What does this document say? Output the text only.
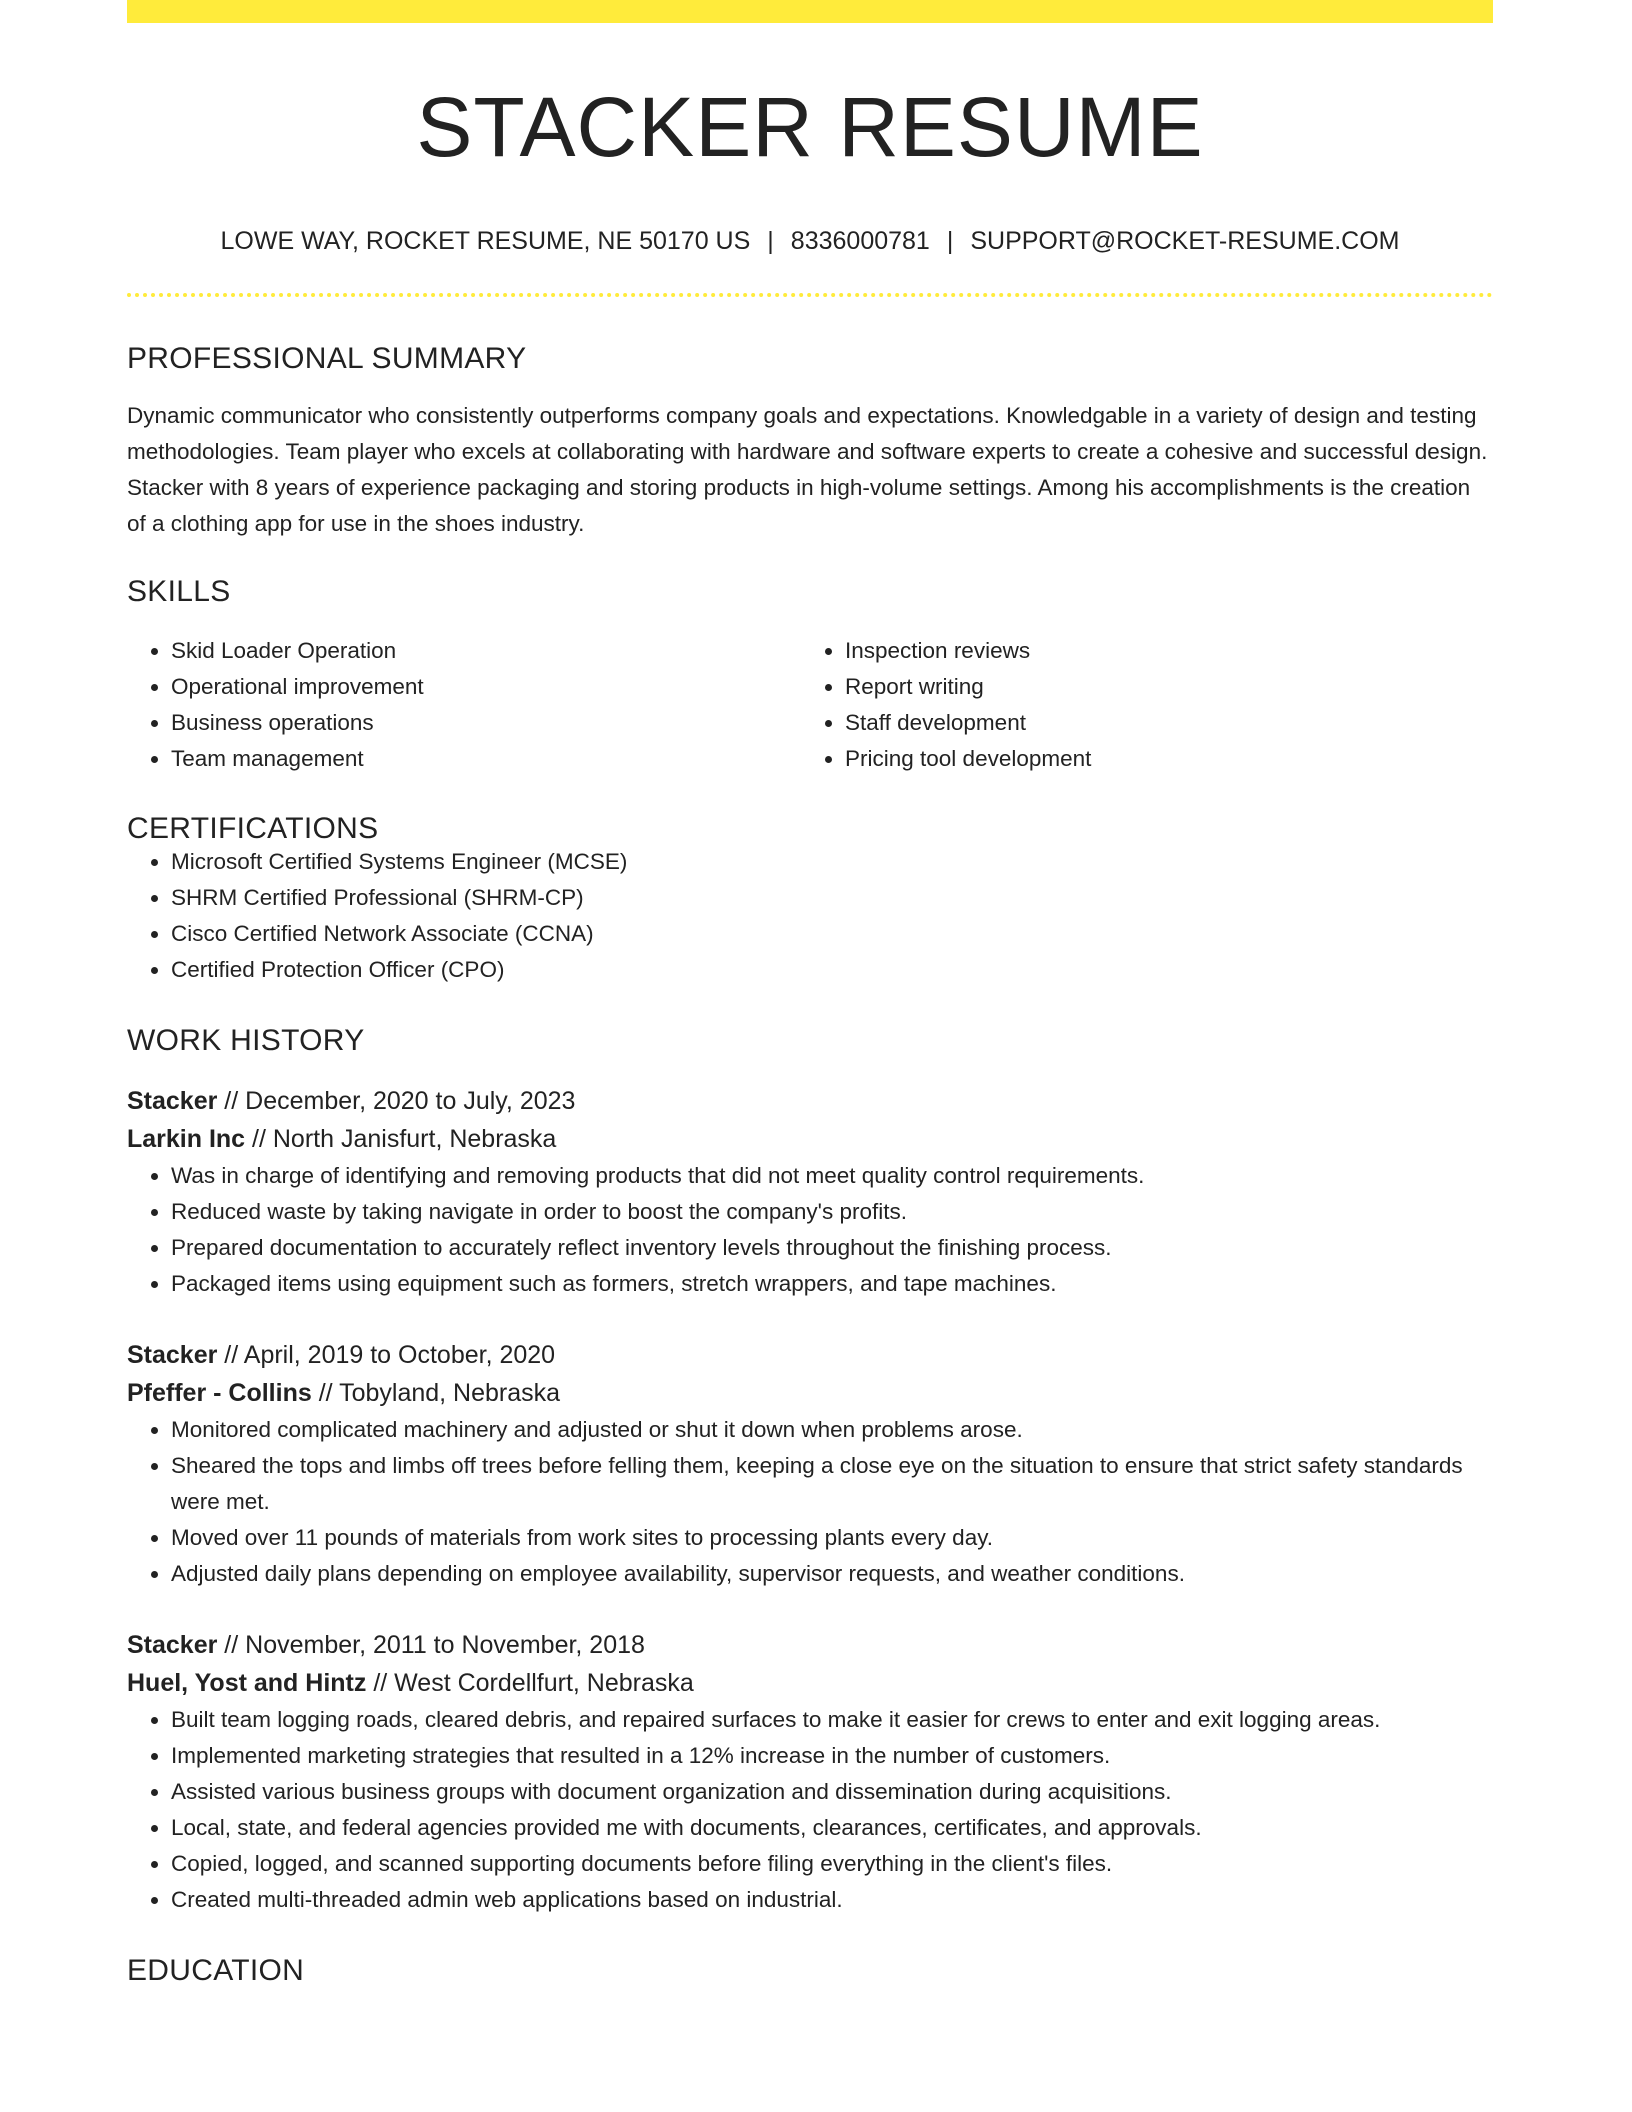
STACKER RESUME
LOWE WAY, ROCKET RESUME, NE 50170 US | 8336000781 | SUPPORT@ROCKET-RESUME.COM
PROFESSIONAL SUMMARY

Dynamic communicator who consistently outperforms company goals and expectations. Knowledgable in a variety of design and testing methodologies. Team player who excels at collaborating with hardware and software experts to create a cohesive and successful design. Stacker with 8 years of experience packaging and storing products in high-volume settings. Among his accomplishments is the creation of a clothing app for use in the shoes industry.

SKILLS
• Skid Loader Operation
• Operational improvement
• Business operations
• Team management
• Inspection reviews
• Report writing
• Staff development
• Pricing tool development
CERTIFICATIONS
• Microsoft Certified Systems Engineer (MCSE)
• SHRM Certified Professional (SHRM-CP)
• Cisco Certified Network Associate (CCNA)
• Certified Protection Officer (CPO)
WORK HISTORY
Stacker // December, 2020 to July, 2023
Larkin Inc // North Janisfurt, Nebraska
• Was in charge of identifying and removing products that did not meet quality control requirements.
• Reduced waste by taking navigate in order to boost the company's profits.
• Prepared documentation to accurately reflect inventory levels throughout the finishing process.
• Packaged items using equipment such as formers, stretch wrappers, and tape machines.
Stacker // April, 2019 to October, 2020
Pfeffer - Collins // Tobyland, Nebraska
• Monitored complicated machinery and adjusted or shut it down when problems arose.
• Sheared the tops and limbs off trees before felling them, keeping a close eye on the situation to ensure that strict safety standards were met.
• Moved over 11 pounds of materials from work sites to processing plants every day.
• Adjusted daily plans depending on employee availability, supervisor requests, and weather conditions.
Stacker // November, 2011 to November, 2018
Huel, Yost and Hintz // West Cordellfurt, Nebraska
• Built team logging roads, cleared debris, and repaired surfaces to make it easier for crews to enter and exit logging areas.
• Implemented marketing strategies that resulted in a 12% increase in the number of customers.
• Assisted various business groups with document organization and dissemination during acquisitions.
• Local, state, and federal agencies provided me with documents, clearances, certificates, and approvals.
• Copied, logged, and scanned supporting documents before filing everything in the client's files.
• Created multi-threaded admin web applications based on industrial.
EDUCATION
